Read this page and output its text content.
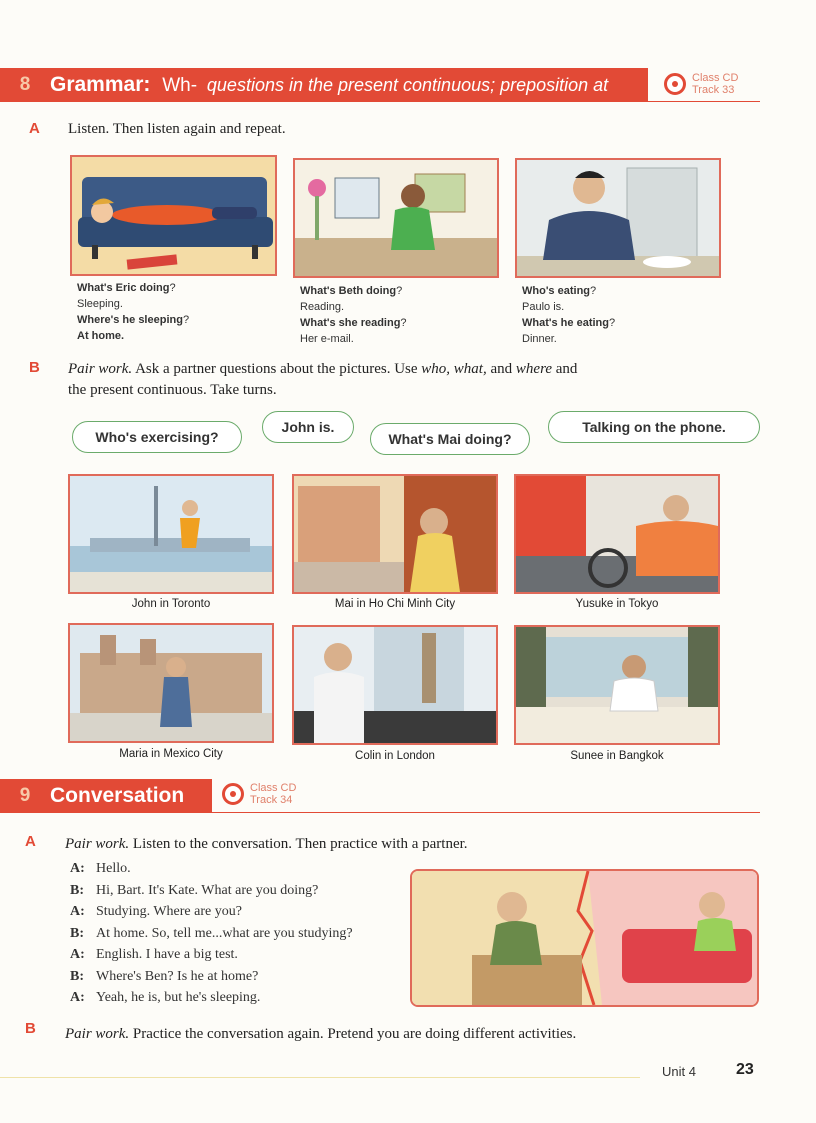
8 Grammar: Wh- questions in the present continuous; preposition at	Class CD
Track 33
A Listen. Then listen again and repeat.
What's Eric doing?
Sleeping.
Where's he sleeping?
At home.
What's Beth doing?
Reading.
What's she reading?
Her e-mail.
Who's eating?
Paulo is.
What's he eating?
Dinner.
B Pair work. Ask a partner questions about the pictures. Use who, what, and where and
the present continuous. Take turns.
Who's exercising?
John is.
What's Mai doing?
Talking on the phone.
John in Toronto	Mai in Ho Chi Minh City	Yusuke in Tokyo
Maria in Mexico City	Colin in London	Sunee in Bangkok
9 Conversation	Class CD
Track 34
A Pair work. Listen to the conversation. Then practice with a partner.
A: Hello.
B: Hi, Bart. It's Kate. What are you doing?
A: Studying. Where are you?
B: At home. So, tell me...what are you studying?
A: English. I have a big test.
B: Where's Ben? Is he at home?
A: Yeah, he is, but he's sleeping.
B Pair work. Practice the conversation again. Pretend you are doing different activities.
Unit 4	23
